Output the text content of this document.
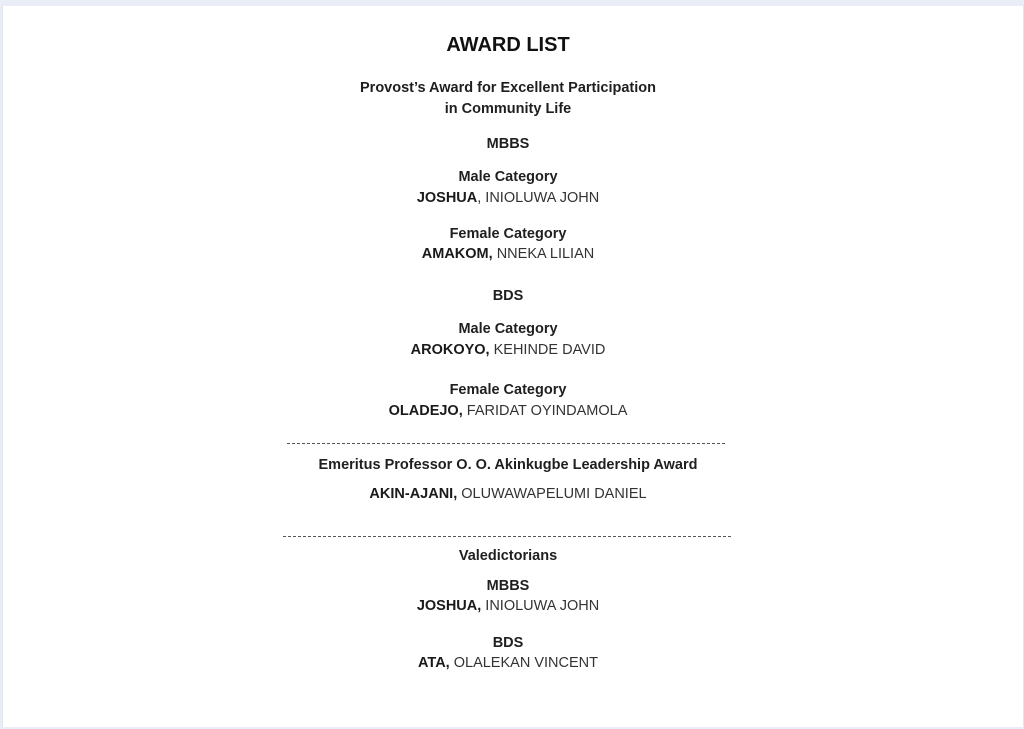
AWARD LIST
Provost’s Award for Excellent Participation
in Community Life
MBBS
Male Category
JOSHUA, INIOLUWA JOHN
Female Category
AMAKOM, NNEKA LILIAN
BDS
Male Category
AROKOYO, KEHINDE DAVID
Female Category
OLADEJO, FARIDAT OYINDAMOLA
Emeritus Professor O. O. Akinkugbe Leadership Award
AKIN-AJANI, OLUWAWAPELUMI DANIEL
Valedictorians
MBBS
JOSHUA, INIOLUWA JOHN
BDS
ATA, OLALEKAN VINCENT
